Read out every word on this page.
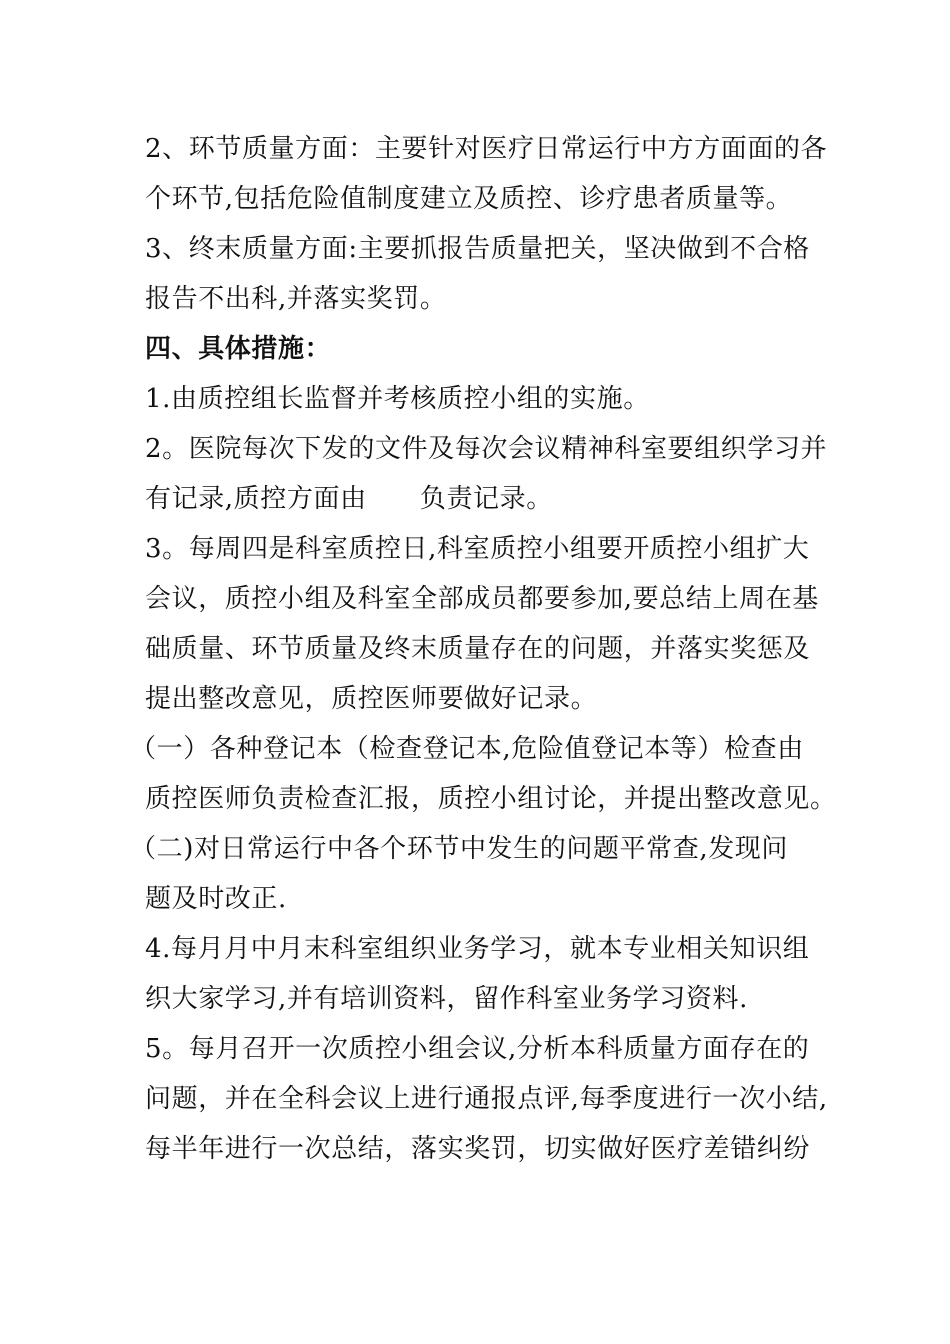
2、环节质量方面：主要针对医疗日常运行中方方面面的各
个环节,包括危险值制度建立及质控、诊疗患者质量等。
3、终末质量方面:主要抓报告质量把关，坚决做到不合格
报告不出科,并落实奖罚。
四、具体措施：
1.由质控组长监督并考核质控小组的实施。
2。医院每次下发的文件及每次会议精神科室要组织学习并
有记录,质控方面由      负责记录。
3。每周四是科室质控日,科室质控小组要开质控小组扩大
会议，质控小组及科室全部成员都要参加,要总结上周在基
础质量、环节质量及终末质量存在的问题，并落实奖惩及
提出整改意见，质控医师要做好记录。
（一）各种登记本（检查登记本,危险值登记本等）检查由
质控医师负责检查汇报，质控小组讨论，并提出整改意见。
（二)对日常运行中各个环节中发生的问题平常查,发现问
题及时改正.
4.每月月中月末科室组织业务学习，就本专业相关知识组
织大家学习,并有培训资料，留作科室业务学习资料.
5。每月召开一次质控小组会议,分析本科质量方面存在的
问题，并在全科会议上进行通报点评,每季度进行一次小结,
每半年进行一次总结，落实奖罚，切实做好医疗差错纠纷
